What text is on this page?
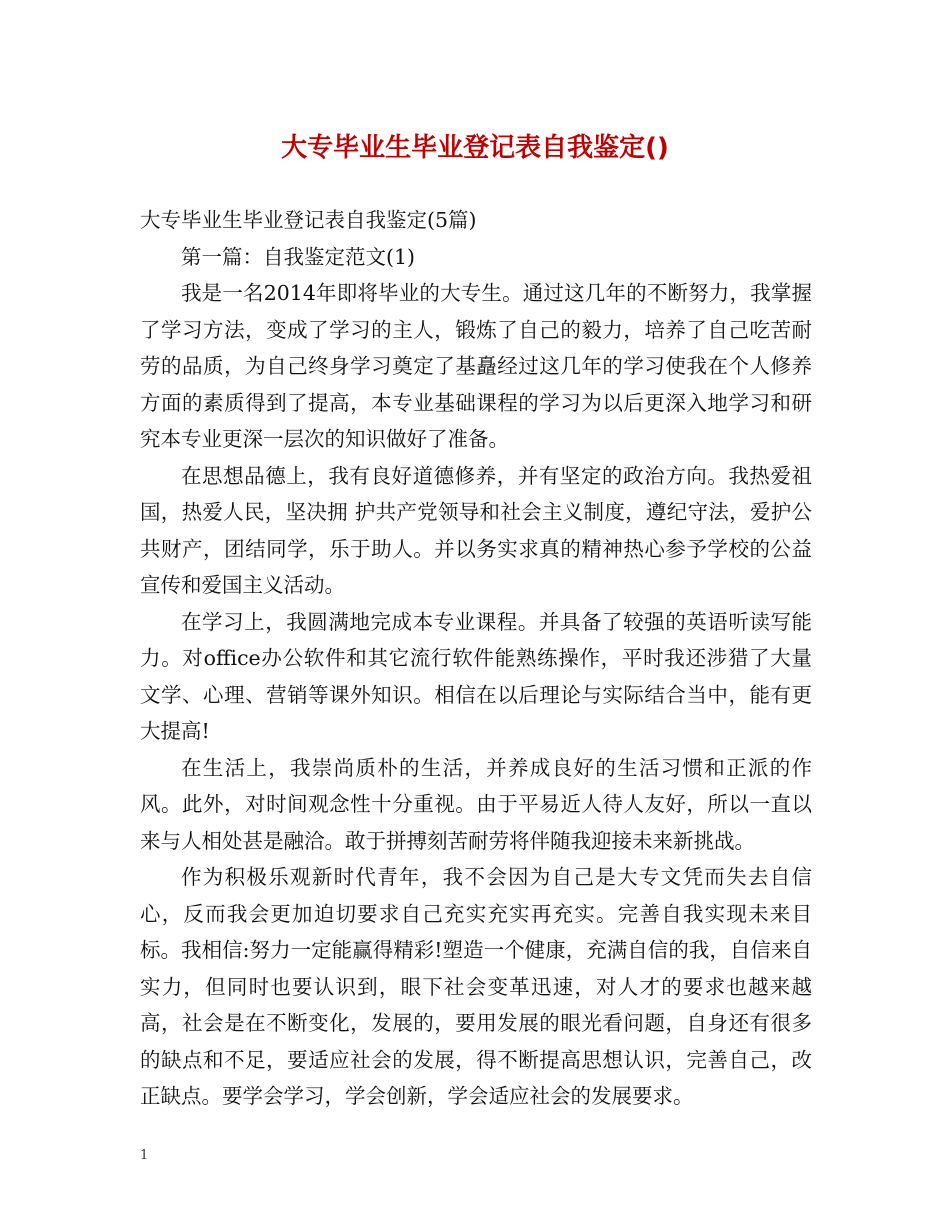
大专毕业生毕业登记表自我鉴定()

大专毕业生毕业登记表自我鉴定(5篇)

第一篇：自我鉴定范文(1)

我是一名2014年即将毕业的大专生。通过这几年的不断努力，我掌握了学习方法，变成了学习的主人，锻炼了自己的毅力，培养了自己吃苦耐劳的品质，为自己终身学习奠定了基矗经过这几年的学习使我在个人修养方面的素质得到了提高，本专业基础课程的学习为以后更深入地学习和研究本专业更深一层次的知识做好了准备。

在思想品德上，我有良好道德修养，并有坚定的政治方向。我热爱祖国，热爱人民，坚决拥 护共产党领导和社会主义制度，遵纪守法，爱护公共财产，团结同学，乐于助人。并以务实求真的精神热心参予学校的公益宣传和爱国主义活动。

在学习上，我圆满地完成本专业课程。并具备了较强的英语听读写能力。对office办公软件和其它流行软件能熟练操作，平时我还涉猎了大量文学、心理、营销等课外知识。相信在以后理论与实际结合当中，能有更大提高!

在生活上，我崇尚质朴的生活，并养成良好的生活习惯和正派的作风。此外，对时间观念性十分重视。由于平易近人待人友好，所以一直以来与人相处甚是融洽。敢于拼搏刻苦耐劳将伴随我迎接未来新挑战。

作为积极乐观新时代青年，我不会因为自己是大专文凭而失去自信心，反而我会更加迫切要求自己充实充实再充实。完善自我实现未来目标。我相信:努力一定能赢得精彩!塑造一个健康，充满自信的我，自信来自实力，但同时也要认识到，眼下社会变革迅速，对人才的要求也越来越高，社会是在不断变化，发展的，要用发展的眼光看问题，自身还有很多的缺点和不足，要适应社会的发展，得不断提高思想认识，完善自己，改正缺点。要学会学习，学会创新，学会适应社会的发展要求。

1
